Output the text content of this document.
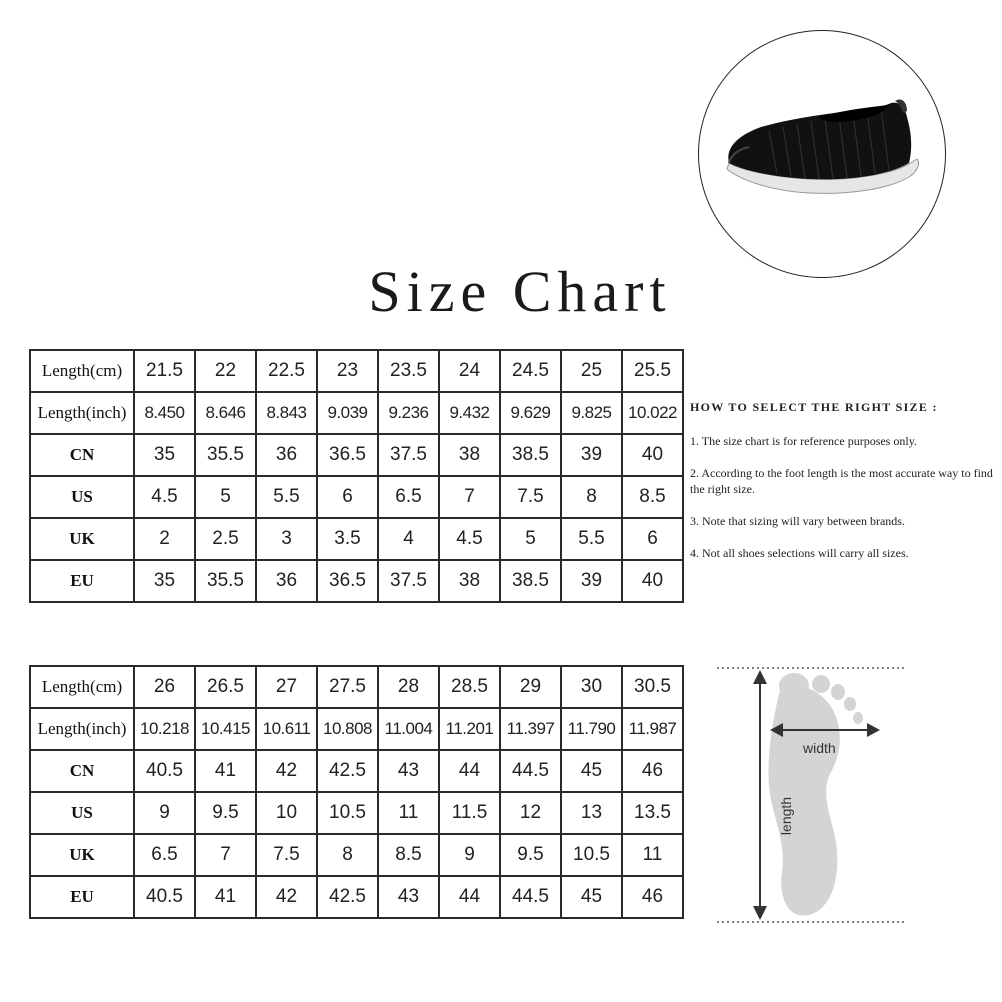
Size Chart
Length(cm)	21.5	22	22.5	23	23.5	24	24.5	25	25.5
Length(inch)	8.450	8.646	8.843	9.039	9.236	9.432	9.629	9.825	10.022
CN	35	35.5	36	36.5	37.5	38	38.5	39	40
US	4.5	5	5.5	6	6.5	7	7.5	8	8.5
UK	2	2.5	3	3.5	4	4.5	5	5.5	6
EU	35	35.5	36	36.5	37.5	38	38.5	39	40
Length(cm)	26	26.5	27	27.5	28	28.5	29	30	30.5
Length(inch)	10.218	10.415	10.611	10.808	11.004	11.201	11.397	11.790	11.987
CN	40.5	41	42	42.5	43	44	44.5	45	46
US	9	9.5	10	10.5	11	11.5	12	13	13.5
UK	6.5	7	7.5	8	8.5	9	9.5	10.5	11
EU	40.5	41	42	42.5	43	44	44.5	45	46
HOW TO SELECT THE RIGHT SIZE :
1. The size chart is for reference purposes only.
2. According to the foot length is the most accurate way to find the right size.
3. Note that sizing will vary between brands.
4. Not all shoes selections will carry all sizes.
width
length
